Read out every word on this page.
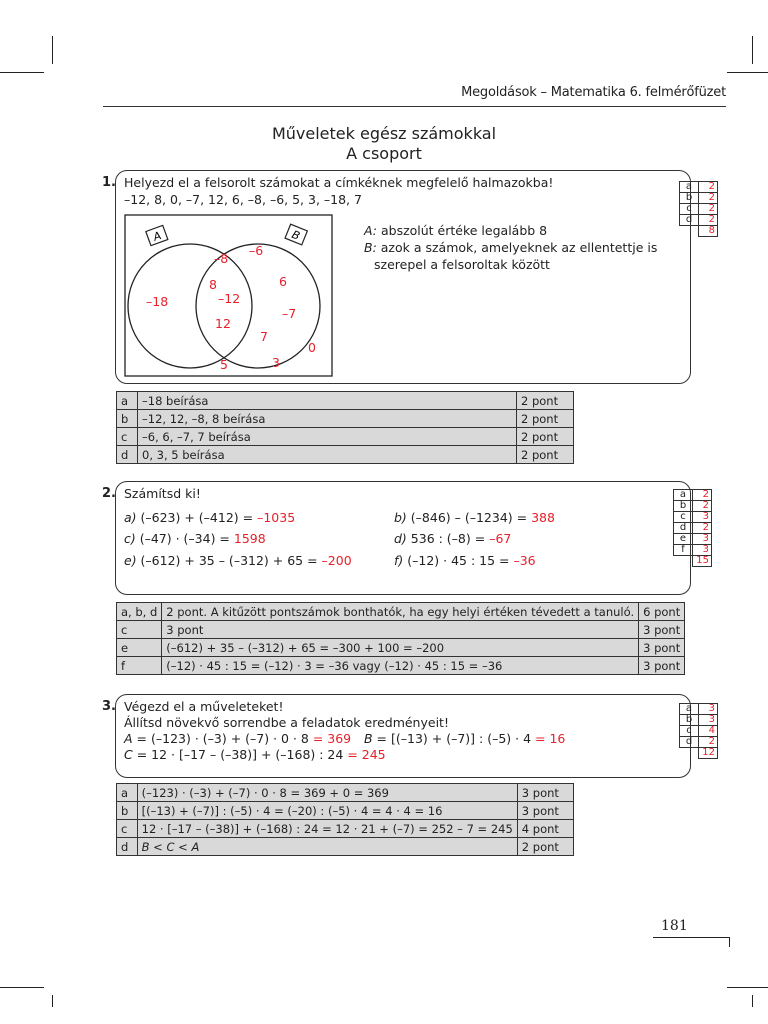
Megoldások – Matematika 6. felmérőfüzet
Műveletek egész számokkal
A csoport
1. Helyezd el a felsorolt számokat a címkéknek megfelelő halmazokba!
–12, 8, 0, –7, 12, 6, –8, –6, 5, 3, –18, 7
A: abszolút értéke legalább 8
B: azok a számok, amelyeknek az ellentettje is
szerepel a felsoroltak között
A	B
–18
–8
8
–12
12
–6
6
–7
7
0
5	3
a	2
b	2
c	2
d	2
	8
a	–18 beírása	2 pont
b	–12, 12, –8, 8 beírása	2 pont
c	–6, 6, –7, 7 beírása	2 pont
d	0, 3, 5 beírása	2 pont
2. Számítsd ki!
a) (–623) + (–412) = –1035	b) (–846) – (–1234) = 388
c) (–47) · (–34) = 1598	d) 536 : (–8) = –67
e) (–612) + 35 – (–312) + 65 = –200	f) (–12) · 45 : 15 = –36
a	2
b	2
c	3
d	2
e	3
f	3
	15
a, b, d	2 pont. A kitűzött pontszámok bonthatók, ha egy helyi értéken tévedett a tanuló.	6 pont
c	3 pont	3 pont
e	(–612) + 35 – (–312) + 65 = –300 + 100 = –200	3 pont
f	(–12) · 45 : 15 = (–12) · 3 = –36 vagy (–12) · 45 : 15 = –36	3 pont
3. Végezd el a műveleteket!
Állítsd növekvő sorrendbe a feladatok eredményeit!
A = (–123) · (–3) + (–7) · 0 · 8 = 369 B = [(–13) + (–7)] : (–5) · 4 = 16
C = 12 · [–17 – (–38)] + (–168) : 24 = 245
a	3
b	3
c	4
d	2
	12
a	(–123) · (–3) + (–7) · 0 · 8 = 369 + 0 = 369	3 pont
b	[(–13) + (–7)] : (–5) · 4 = (–20) : (–5) · 4 = 4 · 4 = 16	3 pont
c	12 · [–17 – (–38)] + (–168) : 24 = 12 · 21 + (–7) = 252 – 7 = 245	4 pont
d	B < C < A	2 pont
181
